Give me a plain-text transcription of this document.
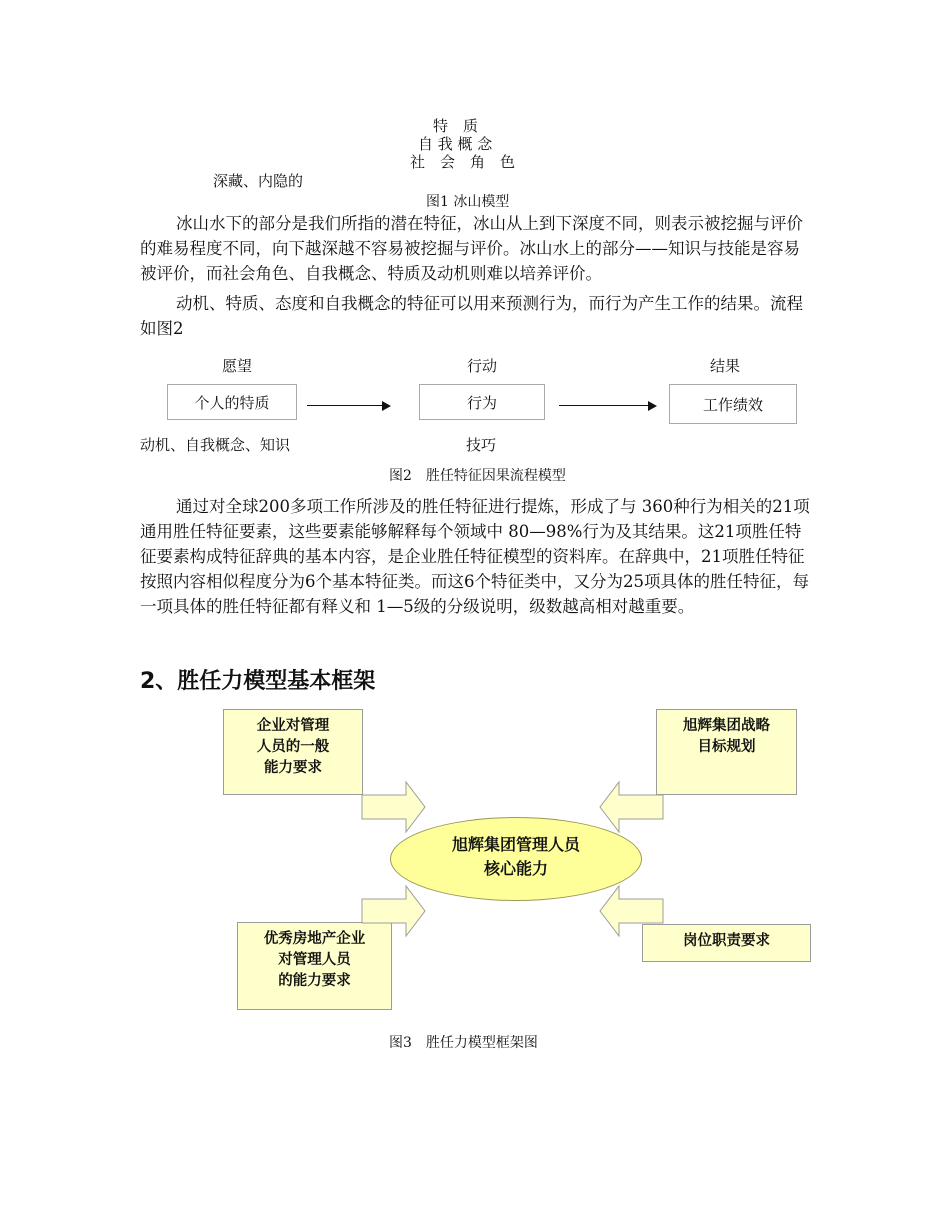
特　质
自 我 概 念
社　会　角　色
深藏、内隐的
图1 冰山模型

冰山水下的部分是我们所指的潜在特征，冰山从上到下深度不同，则表示被挖掘与评价的难易程度不同，向下越深越不容易被挖掘与评价。冰山水上的部分——知识与技能是容易被评价，而社会角色、自我概念、特质及动机则难以培养评价。

动机、特质、态度和自我概念的特征可以用来预测行为，而行为产生工作的结果。流程如图2

愿望	行动	结果
个人的特质	行为	工作绩效
动机、自我概念、知识	技巧
图2　胜任特征因果流程模型

通过对全球200多项工作所涉及的胜任特征进行提炼，形成了与 360种行为相关的21项通用胜任特征要素，这些要素能够解释每个领域中 80—98%行为及其结果。这21项胜任特征要素构成特征辞典的基本内容，是企业胜任特征模型的资料库。在辞典中，21项胜任特征按照内容相似程度分为6个基本特征类。而这6个特征类中，又分为25项具体的胜任特征，每一项具体的胜任特征都有释义和 1—5级的分级说明，级数越高相对越重要。

2、胜任力模型基本框架
企业对管理
人员的一般
能力要求
旭辉集团战略
目标规划
优秀房地产企业
对管理人员
的能力要求
岗位职责要求
旭辉集团管理人员
核心能力
图3　胜任力模型框架图
